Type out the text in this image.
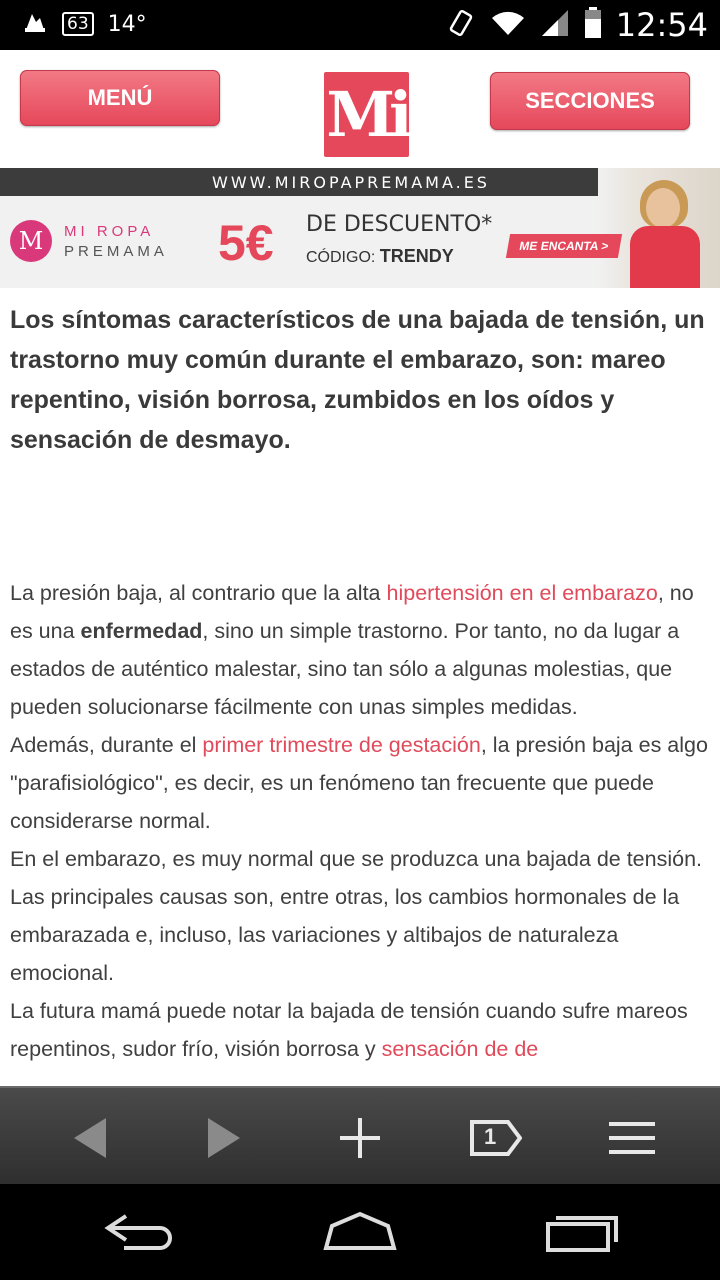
63 14°	12:54
MENÚ	Mi	SECCIONES
WWW.MIROPAPREMAMA.ES
M	MI ROPA
PREMAMA 5€ DE DESCUENTO*
CÓDIGO: TRENDY	ME ENCANTA >

Los síntomas característicos de una bajada de tensión, un trastorno muy común durante el embarazo, son: mareo repentino, visión borrosa, zumbidos en los oídos y sensación de desmayo.

La presión baja, al contrario que la alta hipertensión en el embarazo, no es una enfermedad, sino un simple trastorno. Por tanto, no da lugar a estados de auténtico malestar, sino tan sólo a algunas molestias, que pueden solucionarse fácilmente con unas simples medidas.

Además, durante el primer trimestre de gestación, la presión baja es algo "parafisiológico", es decir, es un fenómeno tan frecuente que puede considerarse normal.

En el embarazo, es muy normal que se produzca una bajada de tensión. Las principales causas son, entre otras, los cambios hormonales de la embarazada e, incluso, las variaciones y altibajos de naturaleza emocional.

La futura mamá puede notar la bajada de tensión cuando sufre mareos repentinos, sudor frío, visión borrosa y sensación de de

1
